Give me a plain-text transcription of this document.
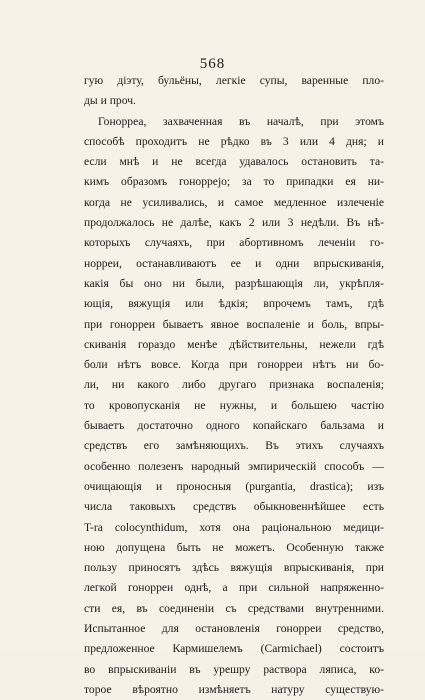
568
гую діэту, бульёны, легкіе супы, варенные пло-
ды и проч.
Гонорреа, захваченная въ началѣ, при этомъ
способѣ проходитъ не рѣдко въ 3 или 4 дня; и
если мнѣ и не всегда удавалось остановить та-
кимъ образомъ гонорреjo; за то припадки ея ни-
когда не усиливались, и самое медленное излеченіе
продолжалось не далѣе, какъ 2 или 3 недѣли. Въ нѣ-
которыхъ случаяхъ, при абортивномъ леченіи го-
норреи, останавливаютъ ее и одни впрыскиванія,
какія бы оно ни были, разрѣшающія ли, укрѣпля-
ющія, вяжущія или ѣдкія; впрочемъ тамъ, гдѣ
при гонорреи бываетъ явное воспаленіе и боль, впры-
скиванія гораздо менѣе дѣйствительны, нежели гдѣ
боли нѣтъ вовсе. Когда при гонорреи нѣтъ ни бо-
ли, ни какого либо другаго признака воспаленія;
то кровопусканія не нужны, и большею частію
бываетъ достаточно одного копайскаго бальзама и
средствъ его замѣняющихъ. Въ этихъ случаяхъ
особенно полезенъ народный эмпирическій способъ —
очищающія и проносныя (purgantia, drastica); изъ
числа таковыхъ средствъ обыкновеннѣйшее есть
T-ra colocynthidum, хотя она раціональною медици-
ною допущена быть не можетъ. Особенную также
пользу приносятъ здѣсь вяжущія впрыскиванія, при
легкой гонорреи однѣ, а при сильной напряженно-
сти ея, въ соединеніи съ средствами внутренними.
Испытанное для остановленія гонорреи средство,
предложенное Кармишелемъ (Carmichael) состоитъ
во впрыскиваніи въ урешру раствора ляписа, ко-
торое вѣроятно измѣняетъ натуру существую-
